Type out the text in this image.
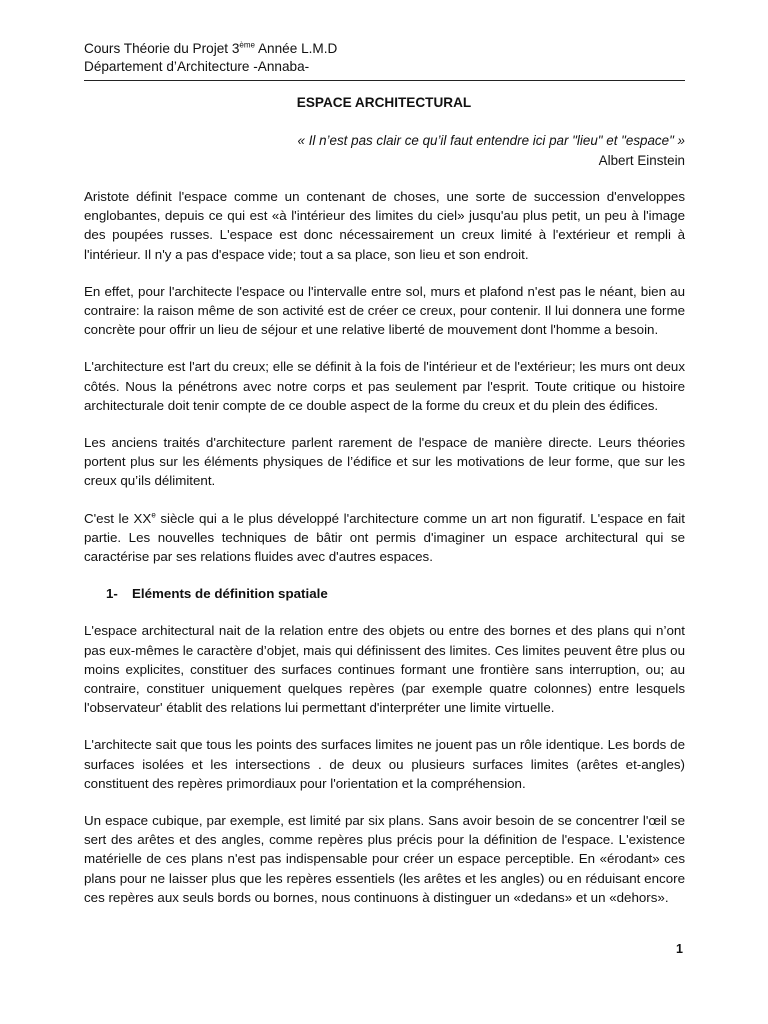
Cours Théorie du Projet 3ème Année L.M.D
Département d’Architecture -Annaba-
ESPACE ARCHITECTURAL
« Il n’est pas clair ce qu’il faut entendre ici par "lieu" et "espace" »
Albert Einstein

Aristote définit l'espace comme un contenant de choses, une sorte de succession d'enveloppes englobantes, depuis ce qui est «à l'intérieur des limites du ciel» jusqu'au plus petit, un peu à l'image des poupées russes. L'espace est donc nécessairement un creux limité à l'extérieur et rempli à l'intérieur. Il n'y a pas d'espace vide; tout a sa place, son lieu et son endroit.

En effet, pour l'architecte l'espace ou l'intervalle entre sol, murs et plafond n'est pas le néant, bien au contraire: la raison même de son activité est de créer ce creux, pour contenir. Il lui donnera une forme concrète pour offrir un lieu de séjour et une relative liberté de mouvement dont l'homme a besoin.

L'architecture est l'art du creux; elle se définit à la fois de l'intérieur et de l'extérieur; les murs ont deux côtés. Nous la pénétrons avec notre corps et pas seulement par l'esprit. Toute critique ou histoire architecturale doit tenir compte de ce double aspect de la forme du creux et du plein des édifices.

Les anciens traités d'architecture parlent rarement de l'espace de manière directe. Leurs théories portent plus sur les éléments physiques de l’édifice et sur les motivations de leur forme, que sur les creux qu’ils délimitent.

C'est le XXe siècle qui a le plus développé l'architecture comme un art non figuratif. L'espace en fait partie. Les nouvelles techniques de bâtir ont permis d'imaginer un espace architectural qui se caractérise par ses relations fluides avec d'autres espaces.

1- Eléments de définition spatiale

L'espace architectural nait de la relation entre des objets ou entre des bornes et des plans qui n’ont pas eux-mêmes le caractère d’objet, mais qui définissent des limites. Ces limites peuvent être plus ou moins explicites, constituer des surfaces continues formant une frontière sans interruption, ou; au contraire, constituer uniquement quelques repères (par exemple quatre colonnes) entre lesquels l'observateur' établit des relations lui permettant d'interpréter une limite virtuelle.

L'architecte sait que tous les points des surfaces limites ne jouent pas un rôle identique. Les bords de surfaces isolées et les intersections . de deux ou plusieurs surfaces limites (arêtes et-angles) constituent des repères primordiaux pour l'orientation et la compréhension.

Un espace cubique, par exemple, est limité par six plans. Sans avoir besoin de se concentrer l'œil se sert des arêtes et des angles, comme repères plus précis pour la définition de l'espace. L'existence matérielle de ces plans n'est pas indispensable pour créer un espace perceptible. En «érodant» ces plans pour ne laisser plus que les repères essentiels (les arêtes et les angles) ou en réduisant encore ces repères aux seuls bords ou bornes, nous continuons à distinguer un «dedans» et un «dehors».

1
